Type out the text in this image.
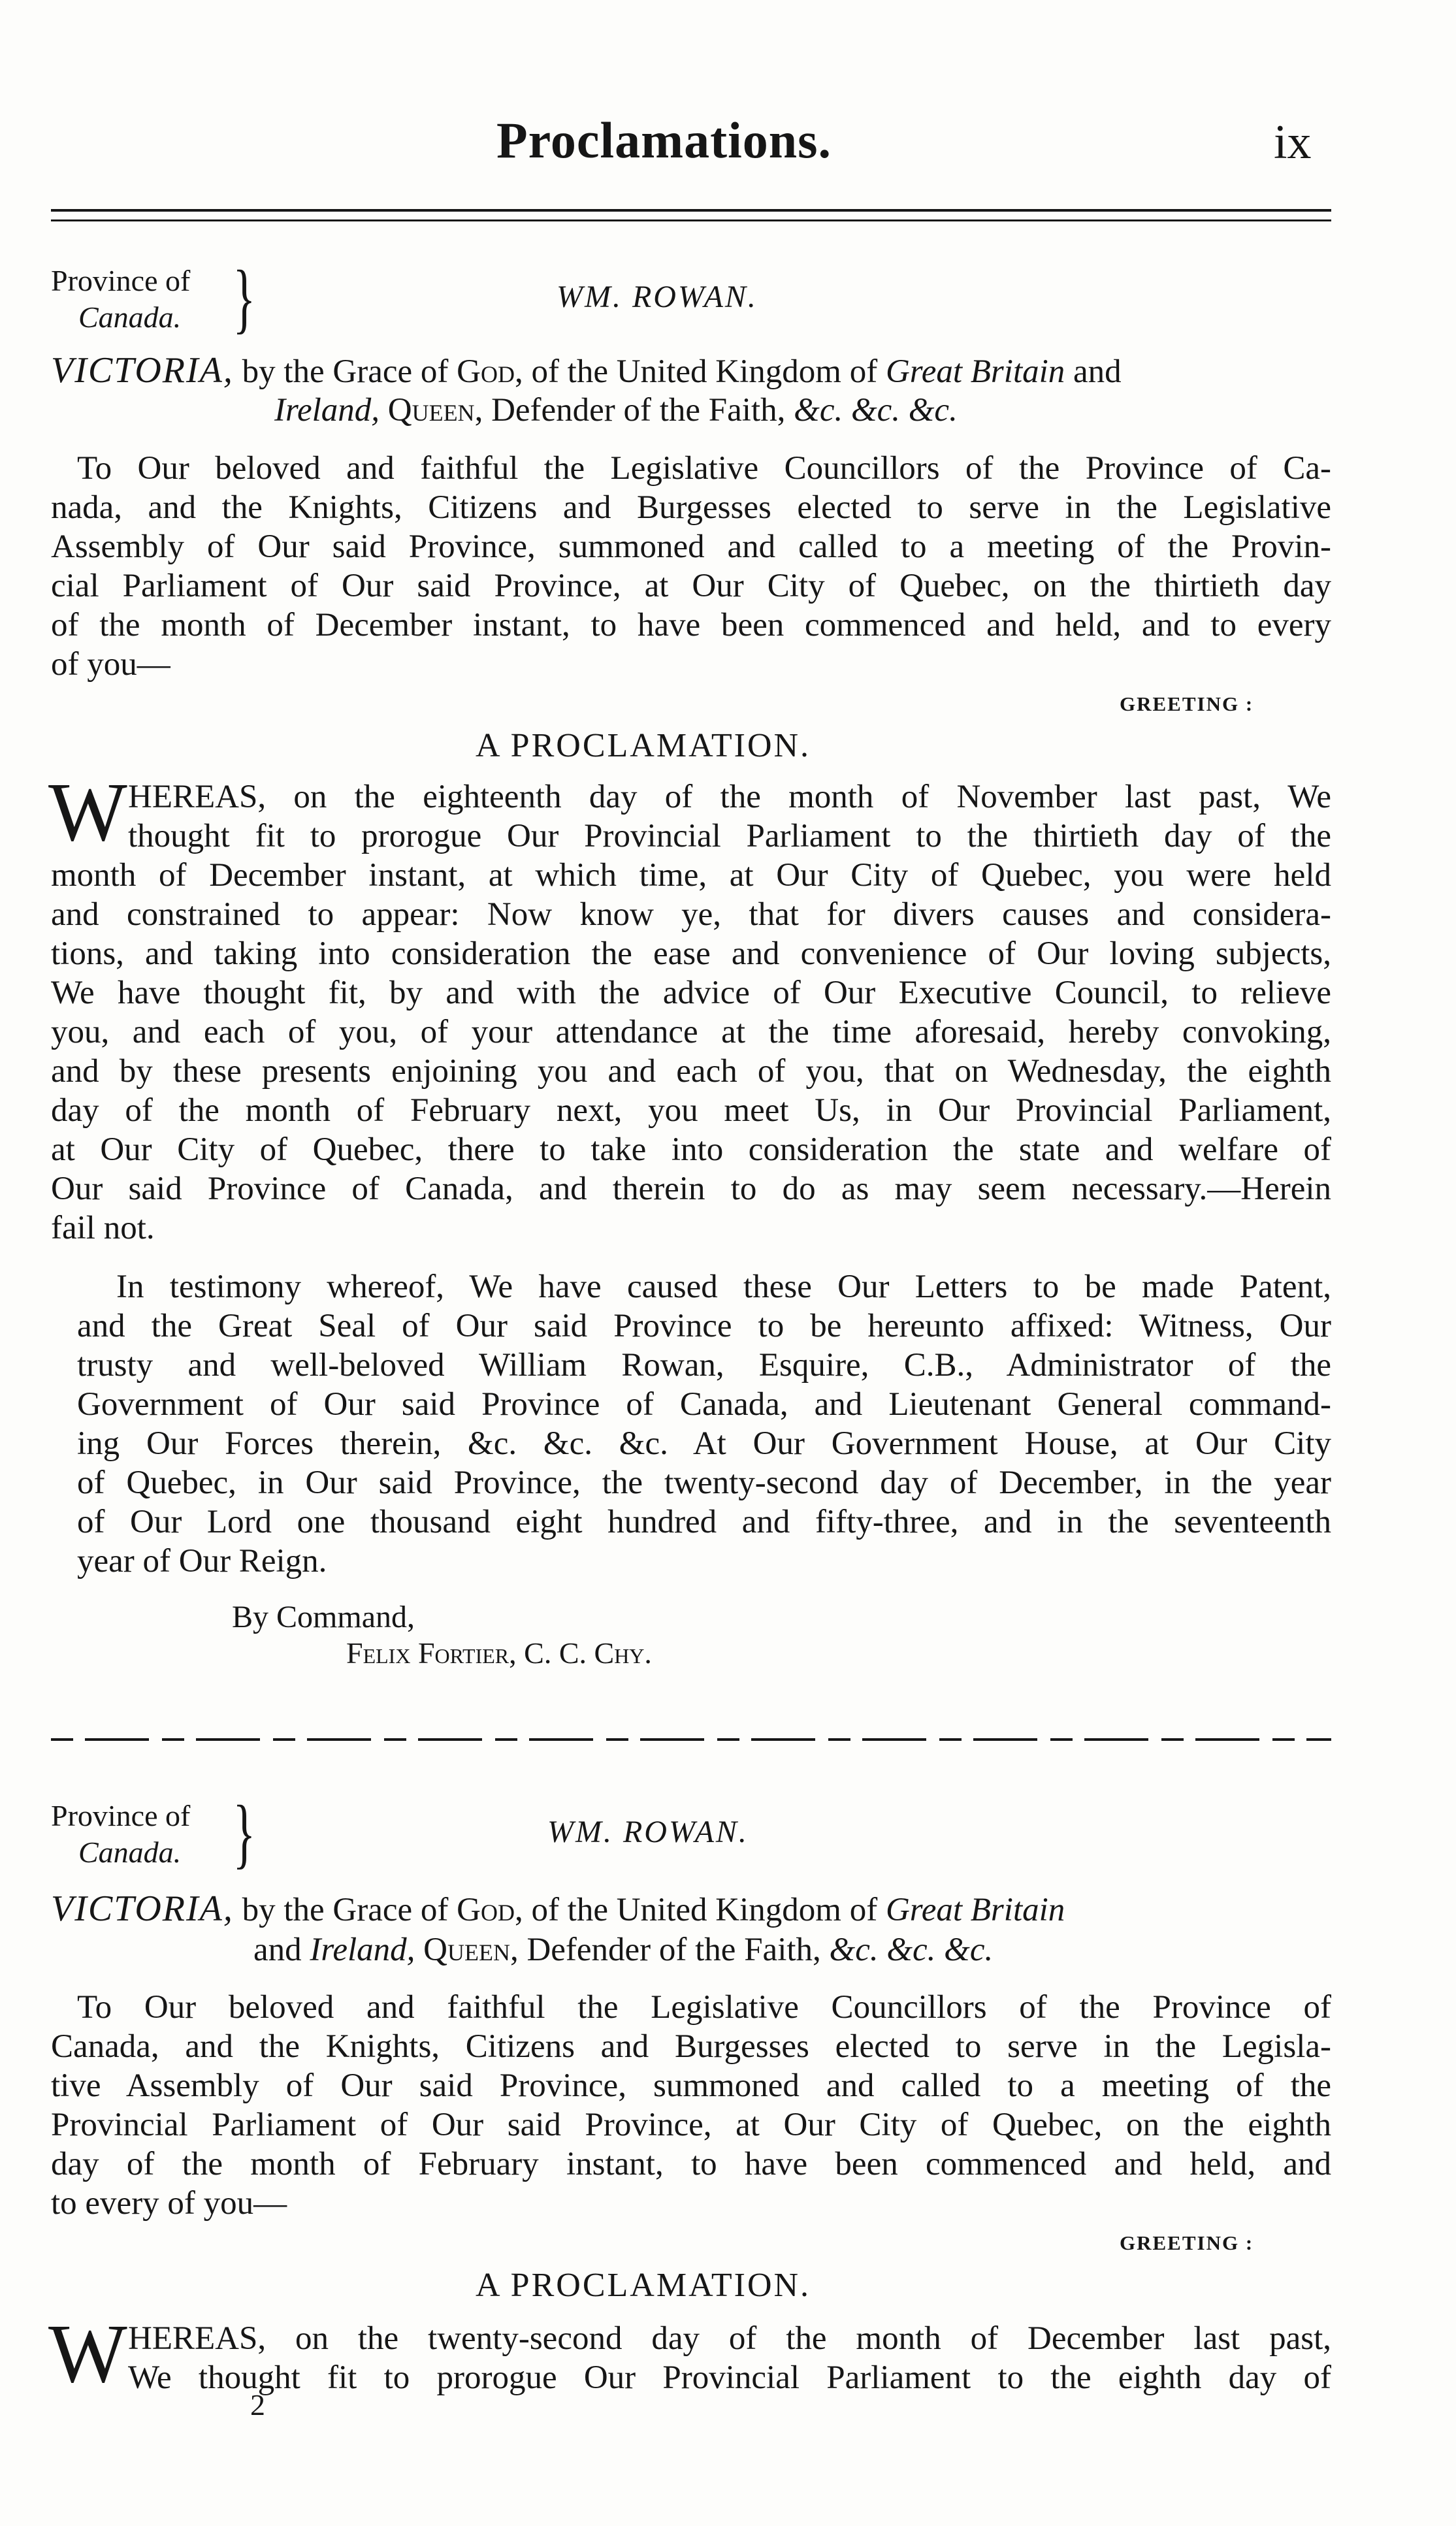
Proclamations.	ix
Province of
Canada. }	WM. ROWAN.
VICTORIA, by the Grace of God, of the United Kingdom of Great Britain and
Ireland, Queen, Defender of the Faith, &c. &c. &c.
To Our beloved and faithful the Legislative Councillors of the Province of Ca-
nada, and the Knights, Citizens and Burgesses elected to serve in the Legislative
Assembly of Our said Province, summoned and called to a meeting of the Provin-
cial Parliament of Our said Province, at Our City of Quebec, on the thirtieth day
of the month of December instant, to have been commenced and held, and to every
of you—
GREETING :
A PROCLAMATION.
W HEREAS, on the eighteenth day of the month of November last past, We
thought fit to prorogue Our Provincial Parliament to the thirtieth day of the
month of December instant, at which time, at Our City of Quebec, you were held
and constrained to appear: Now know ye, that for divers causes and considera-
tions, and taking into consideration the ease and convenience of Our loving subjects,
We have thought fit, by and with the advice of Our Executive Council, to relieve
you, and each of you, of your attendance at the time aforesaid, hereby convoking,
and by these presents enjoining you and each of you, that on Wednesday, the eighth
day of the month of February next, you meet Us, in Our Provincial Parliament,
at Our City of Quebec, there to take into consideration the state and welfare of
Our said Province of Canada, and therein to do as may seem necessary.—Herein
fail not.
In testimony whereof, We have caused these Our Letters to be made Patent,
and the Great Seal of Our said Province to be hereunto affixed: Witness, Our
trusty and well-beloved William Rowan, Esquire, C.B., Administrator of the
Government of Our said Province of Canada, and Lieutenant General command-
ing Our Forces therein, &c. &c. &c. At Our Government House, at Our City
of Quebec, in Our said Province, the twenty-second day of December, in the year
of Our Lord one thousand eight hundred and fifty-three, and in the seventeenth
year of Our Reign.
By Command,
Felix Fortier, C. C. Chy.
Province of
Canada. }	WM. ROWAN.
VICTORIA, by the Grace of God, of the United Kingdom of Great Britain
and Ireland, Queen, Defender of the Faith, &c. &c. &c.
To Our beloved and faithful the Legislative Councillors of the Province of
Canada, and the Knights, Citizens and Burgesses elected to serve in the Legisla-
tive Assembly of Our said Province, summoned and called to a meeting of the
Provincial Parliament of Our said Province, at Our City of Quebec, on the eighth
day of the month of February instant, to have been commenced and held, and
to every of you—
GREETING :
A PROCLAMATION.
W HEREAS, on the twenty-second day of the month of December last past,
We thought fit to prorogue Our Provincial Parliament to the eighth day of
2
